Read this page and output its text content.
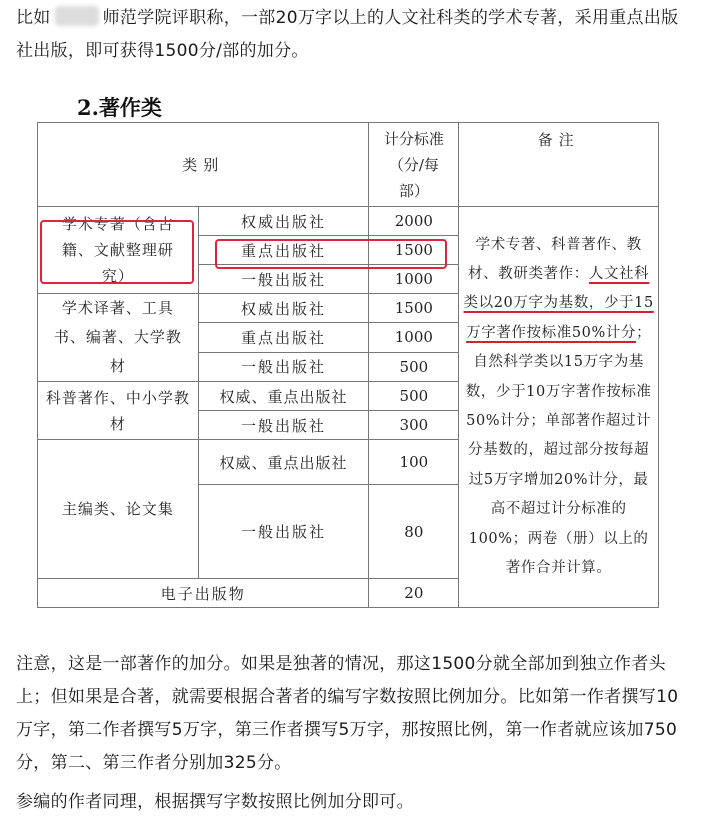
比如	师范学院评职称，一部20万字以上的人文社科类的学术专著，采用重点出版社出版，即可获得1500分/部的加分。

2.著作类
类别		计分标准（分/每部）	备注
学术专著（含古籍、文献整理研究）	权威出版社	2000	学术专著、科普著作、教材、教研类著作：人文社科类以20万字为基数，少于15万字著作按标准50%计分；自然科学类以15万字为基数，少于10万字著作按标准50%计分；单部著作超过计分基数的，超过部分按每超过5万字增加20%计分，最高不超过计分标准的100%；两卷（册）以上的著作合并计算。
	重点出版社	1500	
	一般出版社	1000	
学术译著、工具书、编著、大学教材	权威出版社	1500	
	重点出版社	1000	
	一般出版社	500	
科普著作、中小学教材	权威、重点出版社	500	
	一般出版社	300	
主编类、论文集	权威、重点出版社	100	
	一般出版社	80	
电子出版物		20	

注意，这是一部著作的加分。如果是独著的情况，那这1500分就全部加到独立作者头上；但如果是合著，就需要根据合著者的编写字数按照比例加分。比如第一作者撰写10万字，第二作者撰写5万字，第三作者撰写5万字，那按照比例，第一作者就应该加750分，第二、第三作者分别加325分。

参编的作者同理，根据撰写字数按照比例加分即可。
